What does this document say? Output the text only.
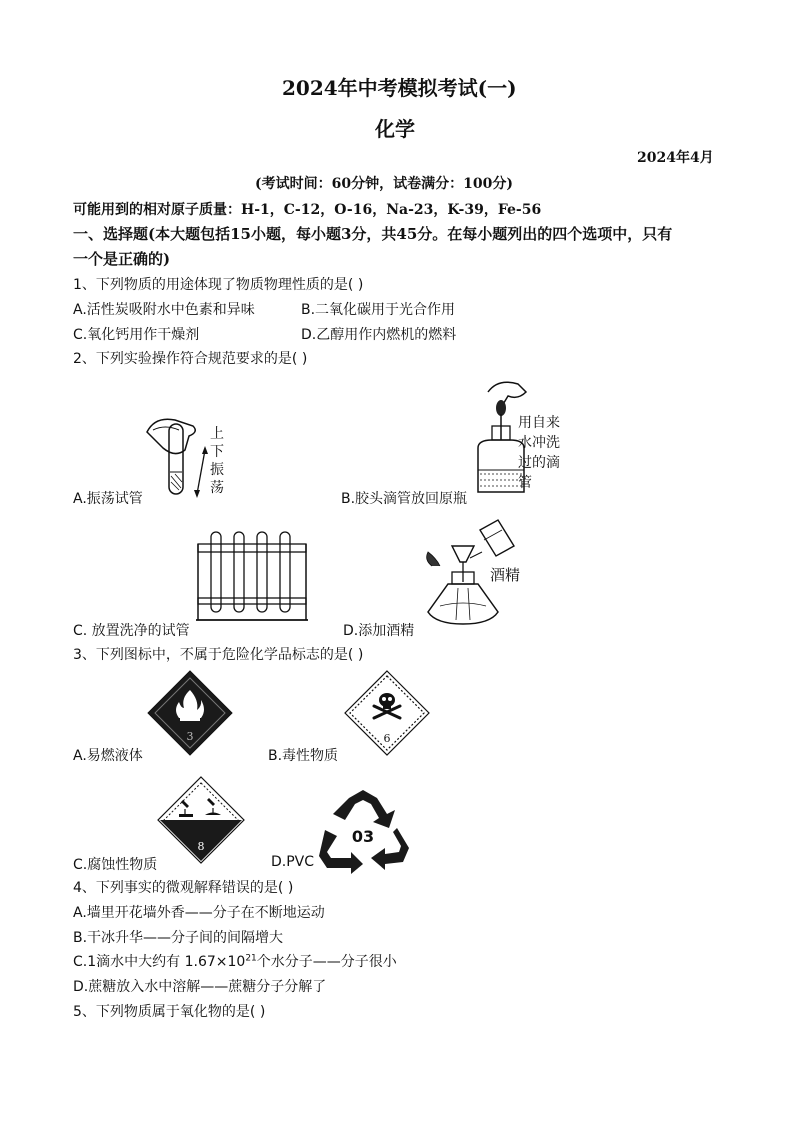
2024年中考模拟考试(一)
化学
2024年4月
(考试时间：60分钟，试卷满分：100分)
可能用到的相对原子质量：H-1，C-12，O-16，Na-23，K-39，Fe-56
一、选择题(本大题包括15小题，每小题3分，共45分。在每小题列出的四个选项中，只有
一个是正确的)
1、下列物质的用途体现了物质物理性质的是( )
A.活性炭吸附水中色素和异味	B.二氧化碳用于光合作用
C.氧化钙用作干燥剂	D.乙醇用作内燃机的燃料
2、下列实验操作符合规范要求的是( )
上
下
振
荡
A.振荡试管
用自来
水冲洗
过的滴
管
B.胶头滴管放回原瓶
C. 放置洗净的试管
酒精
D.添加酒精
3、下列图标中，不属于危险化学品标志的是( )
3
A.易燃液体
6
B.毒性物质
8
C.腐蚀性物质
03
D.PVC
4、下列事实的微观解释错误的是( )
A.墙里开花墙外香——分子在不断地运动
B.干冰升华——分子间的间隔增大
C.1滴水中大约有 $1.67\times 10^{21}$个水分子——分子很小
D.蔗糖放入水中溶解——蔗糖分子分解了
5、下列物质属于氧化物的是( )
